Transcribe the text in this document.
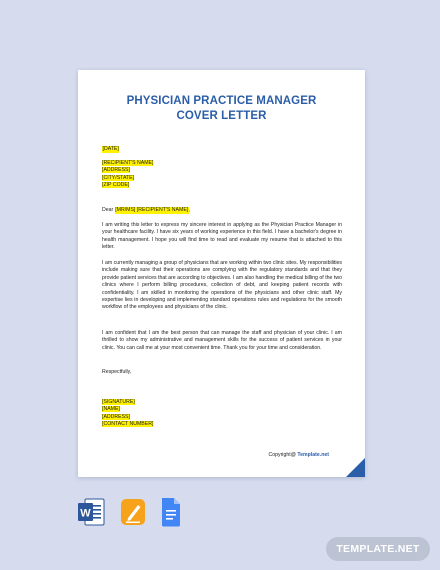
PHYSICIAN PRACTICE MANAGER
COVER LETTER
[DATE]
[RECIPIENT'S NAME]
[ADDRESS]
[CITY/STATE]
[ZIP CODE]
Dear [MR/MS] [RECIPIENT'S NAME],

I am writing this letter to express my sincere interest in applying as the Physician Practice Manager in your healthcare facility. I have six years of working experience in this field. I have a bachelor's degree in health management. I hope you will find time to read and evaluate my resume that is attached to this letter.

I am currently managing a group of physicians that are working within two clinic sites. My responsibilities include making sure that their operations are complying with the regulatory standards and that they provide patient services that are according to objectives. I am also handling the medical billing of the two clinics where I perform billing procedures, collection of debt, and keeping patient records with confidentiality. I am skilled in monitoring the operations of the physicians and other clinic staff. My expertise lies in developing and implementing standard operations rules and regulations for the smooth workflow of the employees and physicians of the clinic.

I am confident that I am the best person that can manage the staff and physician of your clinic. I am thrilled to show my administrative and management skills for the success of patient services in your clinic. You can call me at your most convenient time. Thank you for your time and consideration.

Respectfully,
[SIGNATURE]
[NAME]
[ADDRESS]
[CONTACT NUMBER]
Copyright@ Template.net
W
TEMPLATE.NET
